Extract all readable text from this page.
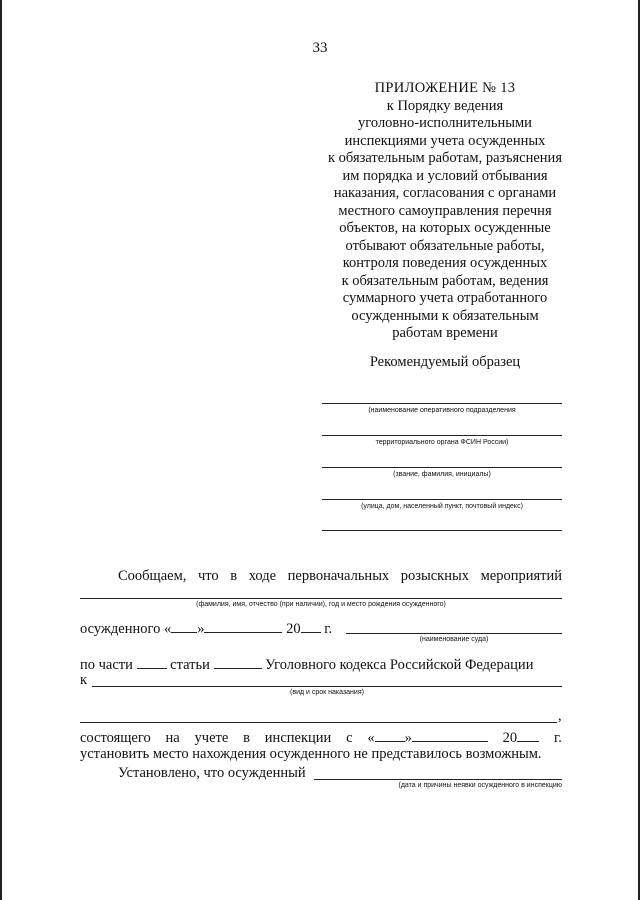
33
ПРИЛОЖЕНИЕ № 13
к Порядку ведения
уголовно-исполнительными
инспекциями учета осужденных
к обязательным работам, разъяснения
им порядка и условий отбывания
наказания, согласования с органами
местного самоуправления перечня
объектов, на которых осужденные
отбывают обязательные работы,
контроля поведения осужденных
к обязательным работам, ведения
суммарного учета отработанного
осужденными к обязательным
работам времени
Рекомендуемый образец
(наименование оперативного подразделения
территориального органа ФСИН России)
(звание, фамилия, инициалы)
(улица, дом, населенный пункт, почтовый индекс)
Сообщаем, что в ходе первоначальных розыскных мероприятий
(фамилия, имя, отчество (при наличии), год и место рождения осужденного)
осужденного « »	20 г.
(наименование суда)
по части	статьи	Уголовного кодекса Российской Федерации
к
(вид и срок наказания)
,
состоящего на учете в инспекции с « »	20	г.
установить место нахождения осужденного не представилось возможным.
Установлено, что осужденный
(дата и причины неявки осужденного в инспекцию
